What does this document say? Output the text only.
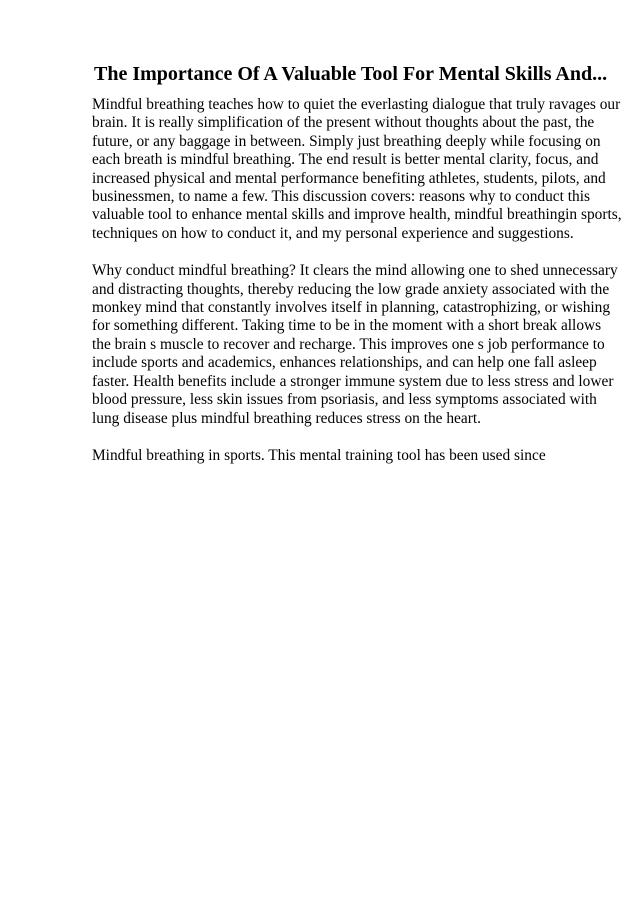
The Importance Of A Valuable Tool For Mental Skills And...

Mindful breathing teaches how to quiet the everlasting dialogue that truly ravages our
brain. It is really simplification of the present without thoughts about the past, the
future, or any baggage in between. Simply just breathing deeply while focusing on
each breath is mindful breathing. The end result is better mental clarity, focus, and
increased physical and mental performance benefiting athletes, students, pilots, and
businessmen, to name a few. This discussion covers: reasons why to conduct this
valuable tool to enhance mental skills and improve health, mindful breathingin sports,
techniques on how to conduct it, and my personal experience and suggestions.

Why conduct mindful breathing? It clears the mind allowing one to shed unnecessary
and distracting thoughts, thereby reducing the low grade anxiety associated with the
monkey mind that constantly involves itself in planning, catastrophizing, or wishing
for something different. Taking time to be in the moment with a short break allows
the brain s muscle to recover and recharge. This improves one s job performance to
include sports and academics, enhances relationships, and can help one fall asleep
faster. Health benefits include a stronger immune system due to less stress and lower
blood pressure, less skin issues from psoriasis, and less symptoms associated with
lung disease plus mindful breathing reduces stress on the heart.

Mindful breathing in sports. This mental training tool has been used since
